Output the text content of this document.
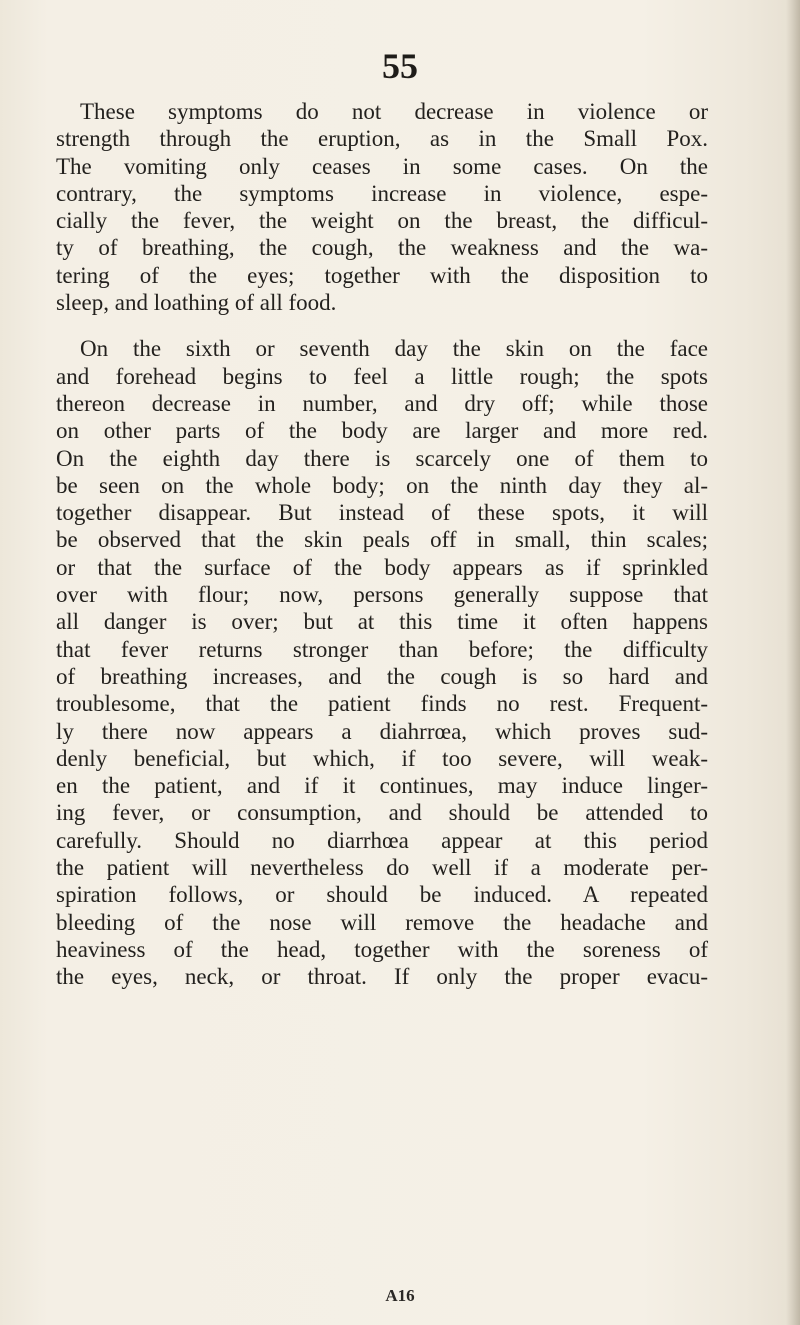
55
These symptoms do not decrease in violence or
strength through the eruption, as in the Small Pox.
The vomiting only ceases in some cases. On the
contrary, the symptoms increase in violence, espe-
cially the fever, the weight on the breast, the difficul-
ty of breathing, the cough, the weakness and the wa-
tering of the eyes; together with the disposition to
sleep, and loathing of all food.
On the sixth or seventh day the skin on the face
and forehead begins to feel a little rough; the spots
thereon decrease in number, and dry off; while those
on other parts of the body are larger and more red.
On the eighth day there is scarcely one of them to
be seen on the whole body; on the ninth day they al-
together disappear. But instead of these spots, it will
be observed that the skin peals off in small, thin scales;
or that the surface of the body appears as if sprinkled
over with flour; now, persons generally suppose that
all danger is over; but at this time it often happens
that fever returns stronger than before; the difficulty
of breathing increases, and the cough is so hard and
troublesome, that the patient finds no rest. Frequent-
ly there now appears a diahrrœa, which proves sud-
denly beneficial, but which, if too severe, will weak-
en the patient, and if it continues, may induce linger-
ing fever, or consumption, and should be attended to
carefully. Should no diarrhœa appear at this period
the patient will nevertheless do well if a moderate per-
spiration follows, or should be induced. A repeated
bleeding of the nose will remove the headache and
heaviness of the head, together with the soreness of
the eyes, neck, or throat. If only the proper evacu-
A16
